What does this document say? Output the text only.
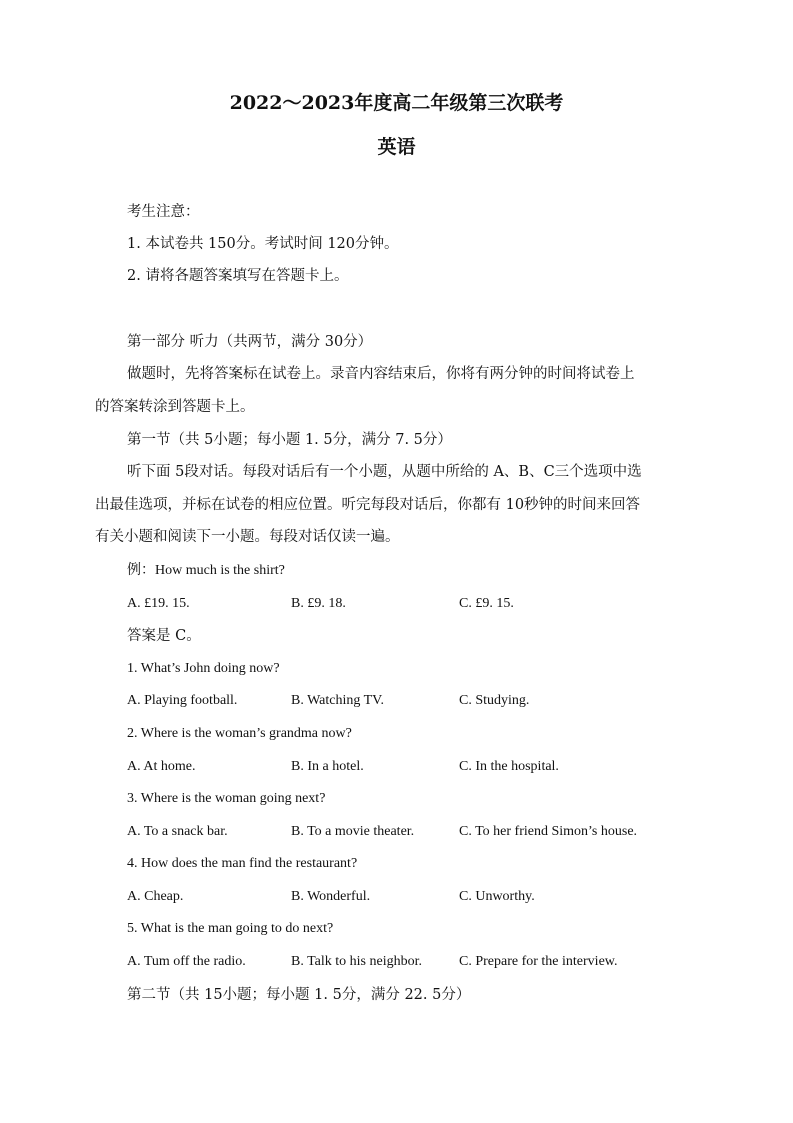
2022～2023年度高二年级第三次联考
英语
考生注意：
1. 本试卷共 150分。考试时间 120分钟。
2. 请将各题答案填写在答题卡上。
第一部分 听力（共两节，满分 30分）
做题时，先将答案标在试卷上。录音内容结束后，你将有两分钟的时间将试卷上
的答案转涂到答题卡上。
第一节（共 5小题；每小题 1. 5分，满分 7. 5分）
听下面 5段对话。每段对话后有一个小题，从题中所给的 A、B、C三个选项中选
出最佳选项，并标在试卷的相应位置。听完每段对话后，你都有 10秒钟的时间来回答
有关小题和阅读下一小题。每段对话仅读一遍。
例：How much is the shirt?
A. £19. 15.	B. £9. 18.	C. £9. 15.
答案是 C。
1. What’s John doing now?
A. Playing football.	B. Watching TV.	C. Studying.
2. Where is the woman’s grandma now?
A. At home.	B. In a hotel.	C. In the hospital.
3. Where is the woman going next?
A. To a snack bar.	B. To a movie theater.	C. To her friend Simon’s house.
4. How does the man find the restaurant?
A. Cheap.	B. Wonderful.	C. Unworthy.
5. What is the man going to do next?
A. Tum off the radio.	B. Talk to his neighbor.	C. Prepare for the interview.
第二节（共 15小题；每小题 1. 5分，满分 22. 5分）
